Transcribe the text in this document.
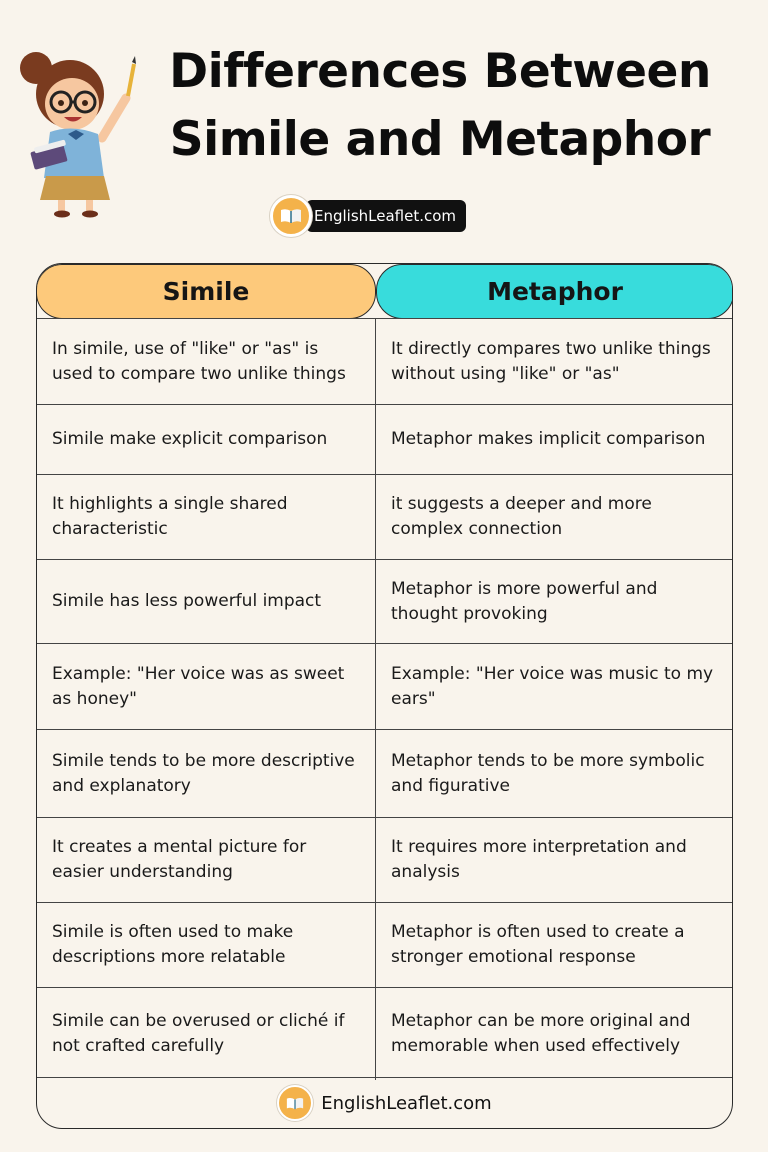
Differences Between
Simile and Metaphor
EnglishLeaflet.com
Simile	Metaphor
In simile, use of "like" or "as" is used to compare two unlike things
It directly compares two unlike things without using "like" or "as"
Simile make explicit comparison	Metaphor makes implicit comparison
It highlights a single shared characteristic
it suggests a deeper and more complex connection
Simile has less powerful impact
Metaphor is more powerful and thought provoking
Example: "Her voice was as sweet as honey"
Example: "Her voice was music to my ears"
Simile tends to be more descriptive and explanatory
Metaphor tends to be more symbolic and figurative
It creates a mental picture for easier understanding
It requires more interpretation and analysis
Simile is often used to make descriptions more relatable
Metaphor is often used to create a stronger emotional response
Simile can be overused or cliché if not crafted carefully
Metaphor can be more original and memorable when used effectively
EnglishLeaflet.com
